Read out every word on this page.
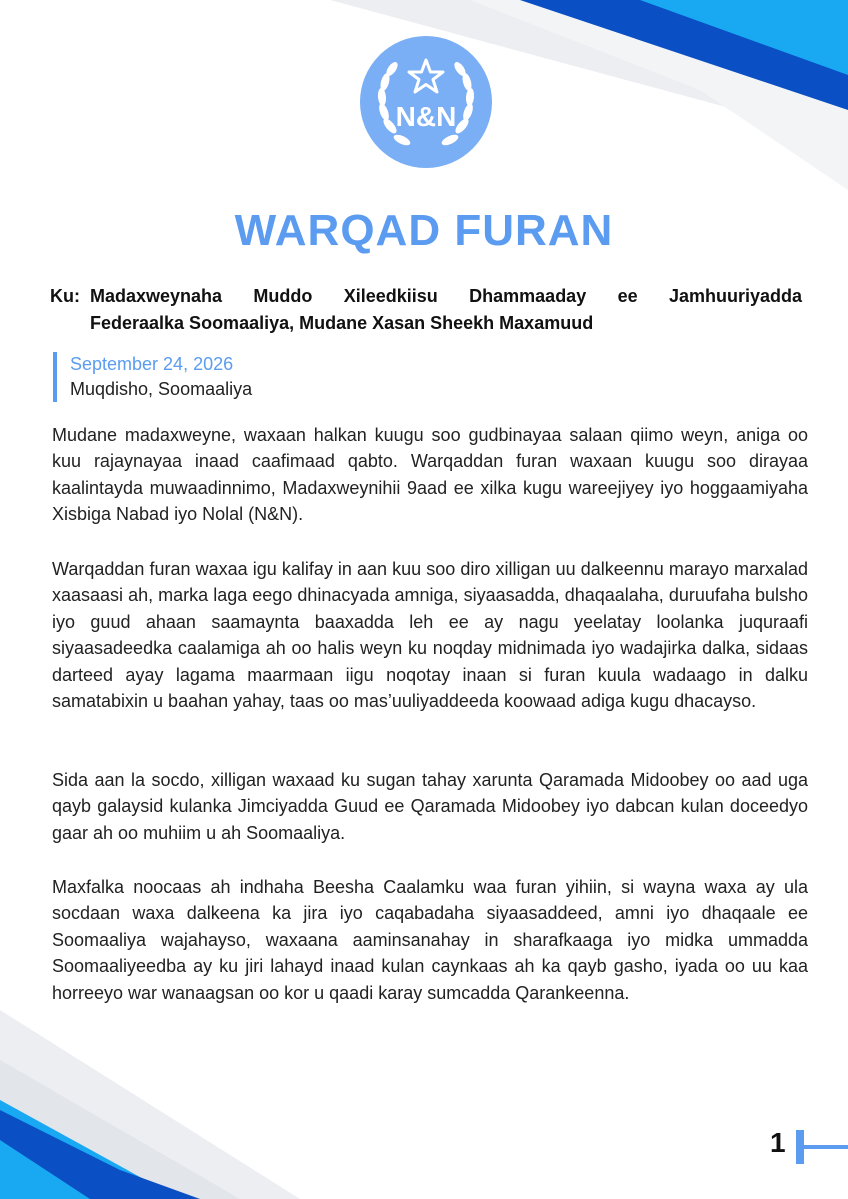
N&N
WARQAD FURAN
Ku: Madaxweynaha Muddo Xileedkiisu Dhammaaday ee Jamhuuriyadda
Federaalka Soomaaliya, Mudane Xasan Sheekh Maxamuud
September 24, 2026
Muqdisho, Soomaaliya

Mudane madaxweyne, waxaan halkan kuugu soo gudbinayaa salaan qiimo weyn, aniga oo kuu rajaynayaa inaad caafimaad qabto. Warqaddan furan waxaan kuugu soo dirayaa kaalintayda muwaadinnimo, Madaxweynihii 9aad ee xilka kugu wareejiyey iyo hoggaamiyaha Xisbiga Nabad iyo Nolal (N&N).

Warqaddan furan waxaa igu kalifay in aan kuu soo diro xilligan uu dalkeennu marayo marxalad xaasaasi ah, marka laga eego dhinacyada amniga, siyaasadda, dhaqaalaha, duruufaha bulsho iyo guud ahaan saamaynta baaxadda leh ee ay nagu yeelatay loolanka juquraafi siyaasadeedka caalamiga ah oo halis weyn ku noqday midnimada iyo wadajirka dalka, sidaas darteed ayay lagama maarmaan iigu noqotay inaan si furan kuula wadaago in dalku samatabixin u baahan yahay, taas oo mas’uuliyaddeeda koowaad adiga kugu dhacayso.

Sida aan la socdo, xilligan waxaad ku sugan tahay xarunta Qaramada Midoobey oo aad uga qayb galaysid kulanka Jimciyadda Guud ee Qaramada Midoobey iyo dabcan kulan doceedyo gaar ah oo muhiim u ah Soomaaliya.

Maxfalka noocaas ah indhaha Beesha Caalamku waa furan yihiin, si waynа waxa ay ula socdaan waxa dalkeena ka jira iyo caqabadaha siyaasaddeed, amni iyo dhaqaale ee Soomaaliya wajahayso, waxaana aaminsanahay in sharafkaaga iyo midka ummadda Soomaaliyeedba ay ku jiri lahayd inaad kulan caynkaas ah ka qayb gasho, iyada oo uu kaa horreeyo war wanaagsan oo kor u qaadi karay sumcadda Qarankeenna.

1
